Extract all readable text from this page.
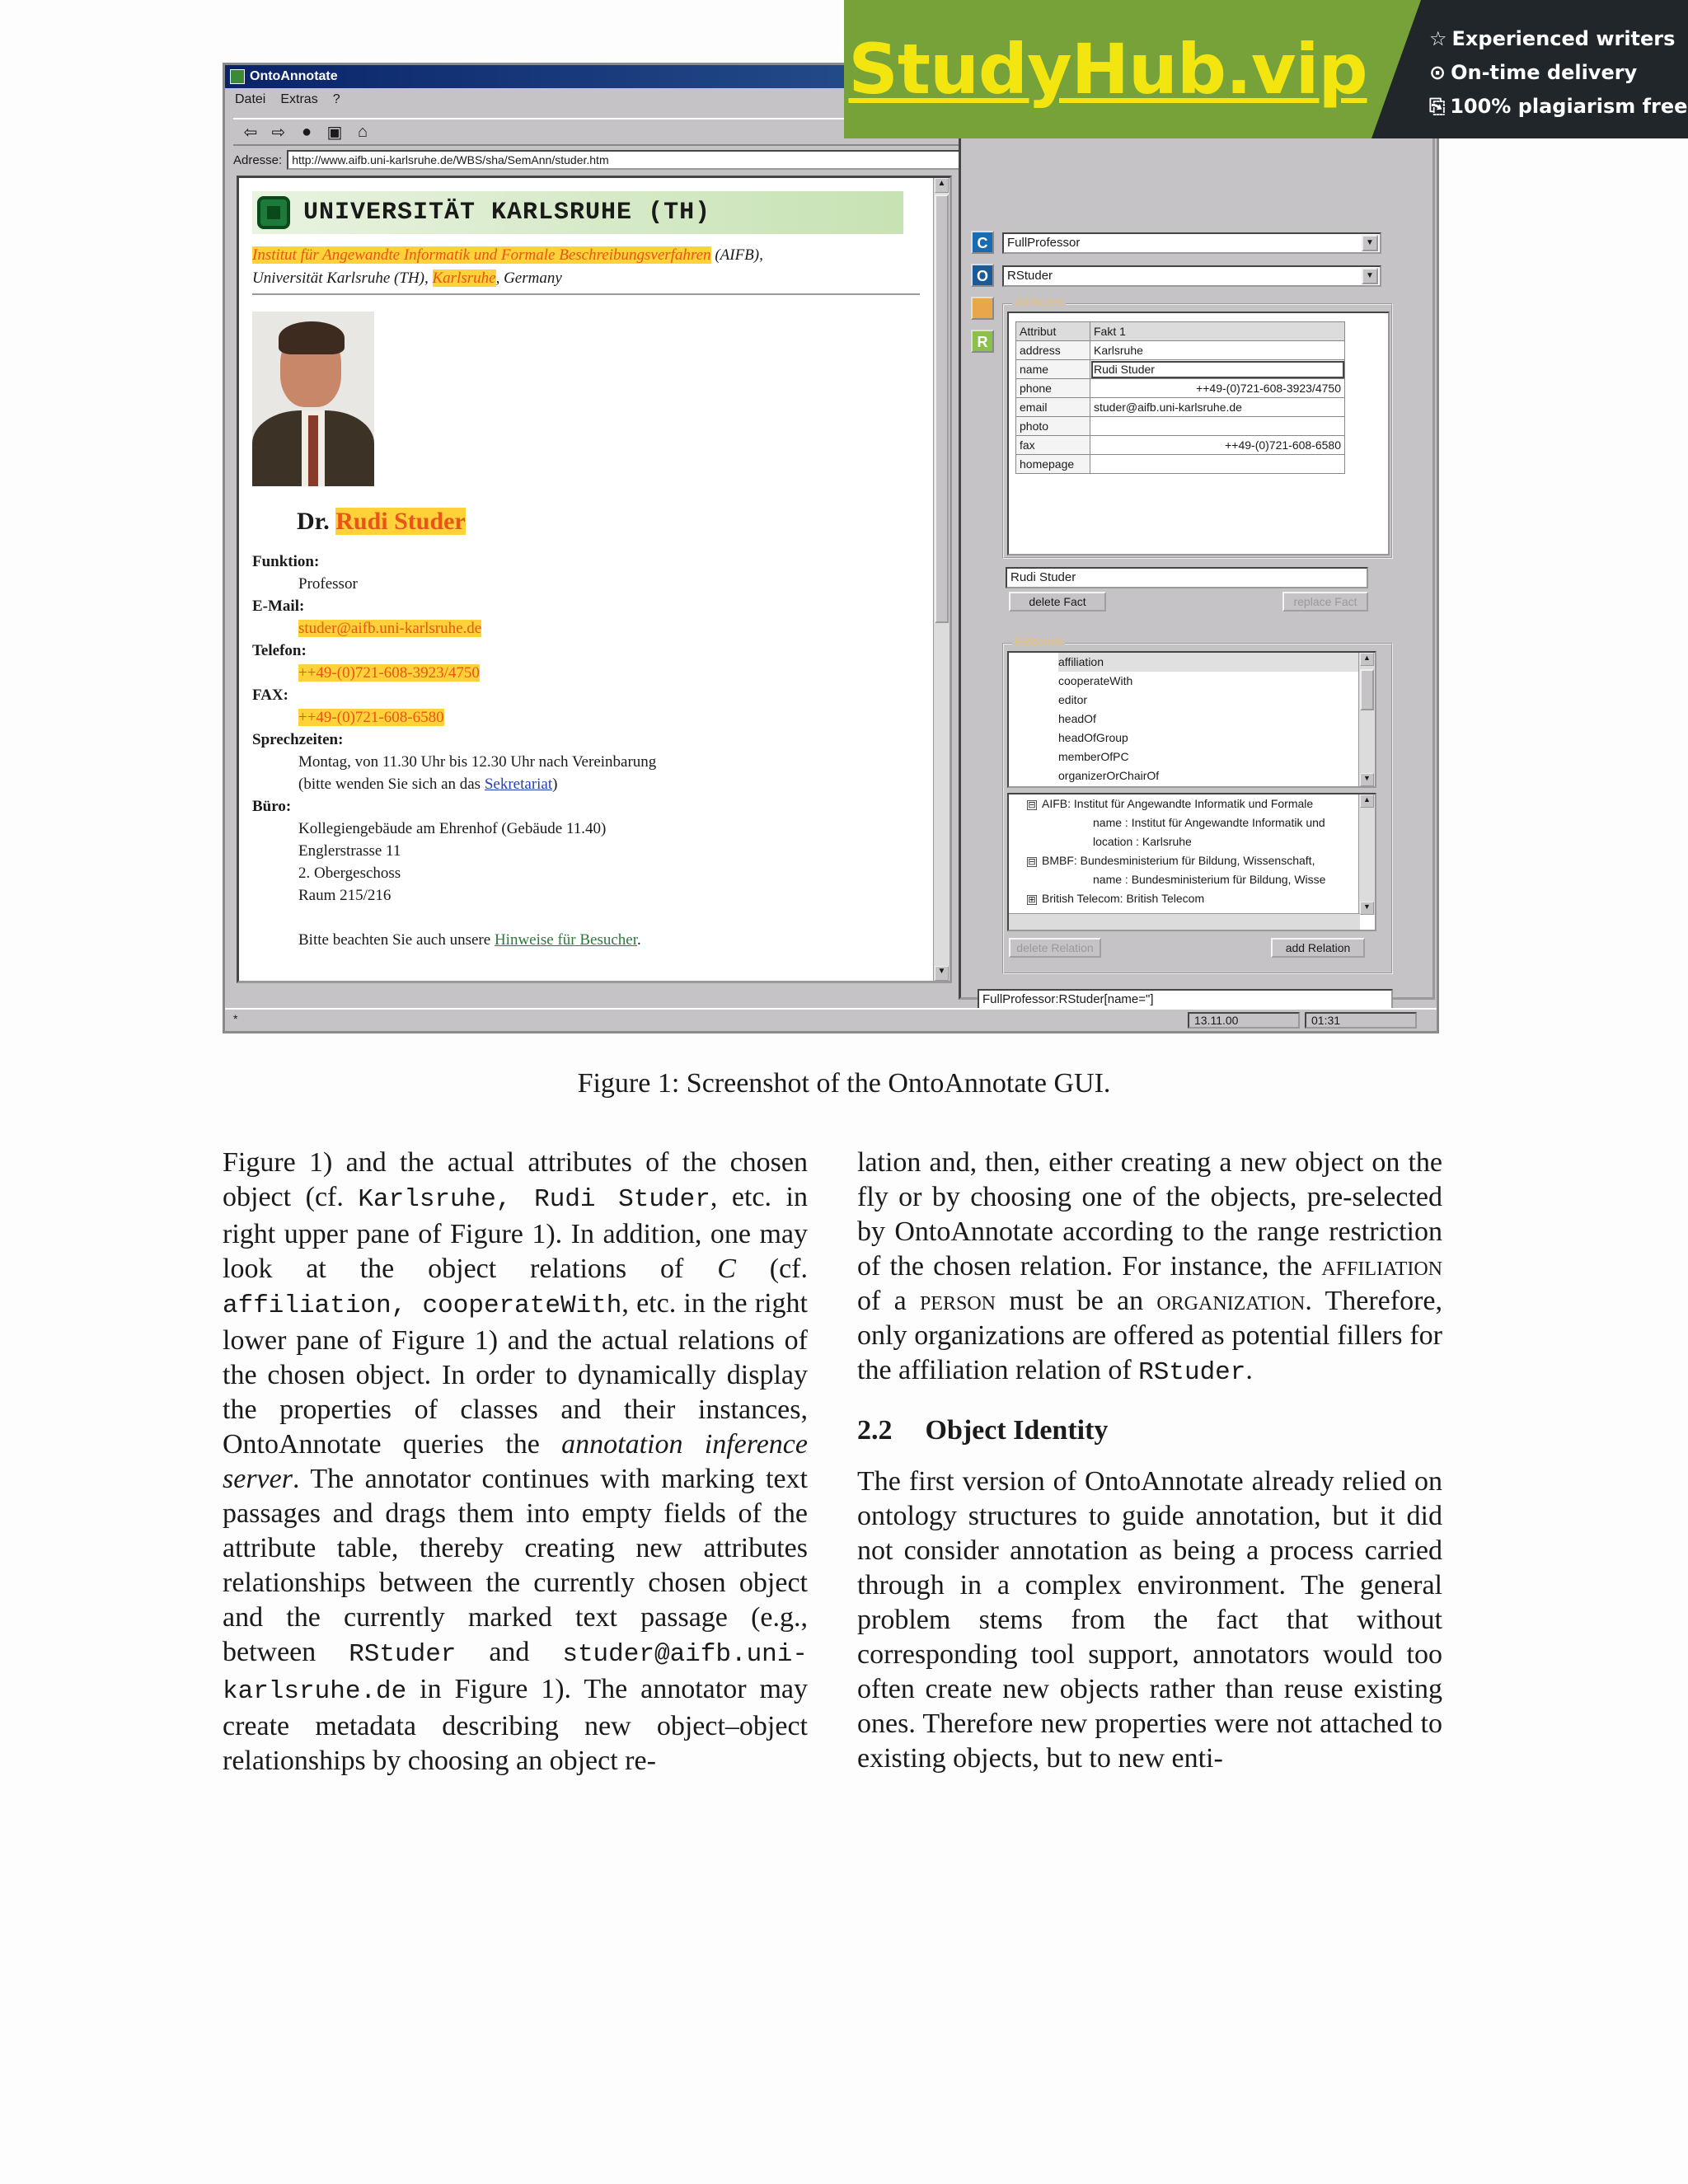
OntoAnnotate
Datei Extras ?
⇦ ⇨ ● ▣ ⌂
Adresse: http://www.aifb.uni-karlsruhe.de/WBS/sha/SemAnn/studer.htm
UNIVERSITÄT KARLSRUHE (TH)
Institut für Angewandte Informatik und Formale Beschreibungsverfahren (AIFB),
Universität Karlsruhe (TH), Karlsruhe, Germany
Dr. Rudi Studer
Funktion:
Professor
E-Mail:
studer@aifb.uni-karlsruhe.de
Telefon:
++49-(0)721-608-3923/4750
FAX:
++49-(0)721-608-6580
Sprechzeiten:
Montag, von 11.30 Uhr bis 12.30 Uhr nach Vereinbarung
(bitte wenden Sie sich an das Sekretariat)
Büro:
Kollegiengebäude am Ehrenhof (Gebäude 11.40)
Englerstrasse 11
2. Obergeschoss
Raum 215/216
Bitte beachten Sie auch unsere Hinweise für Besucher.
▲
▼
C
O
A
R
FullProfessor	▼
RStuder	▼
Attributes
Attribut	Fakt 1
address	Karlsruhe
name	Rudi Studer
phone	++49-(0)721-608-3923/4750
email	studer@aifb.uni-karlsruhe.de
photo	
fax	++49-(0)721-608-6580
homepage	
Rudi Studer
delete Fact	replace Fact
Relations
affiliation
cooperateWith
editor
headOf
headOfGroup
memberOfPC
organizerOrChairOf
▲
▼
⊟ AIFB: Institut für Angewandte Informatik und Formale
name : Institut für Angewandte Informatik und
location : Karlsruhe
⊟ BMBF: Bundesministerium für Bildung, Wissenschaft,
name : Bundesministerium für Bildung, Wisse
⊞ British Telecom: British Telecom
▲
▼
delete Relation	add Relation
FullProfessor:RStuder[name="]
*	13.11.00	01:31
StudyHub.vip	☆ Experienced writers
⊙ On-time delivery
⎘ 100% plagiarism free
Figure 1: Screenshot of the OntoAnnotate GUI.

Figure 1) and the actual attributes of the chosen object (cf. Karlsruhe, Rudi Studer, etc. in right upper pane of Figure 1). In addition, one may look at the object relations of C (cf. affiliation, cooperateWith, etc. in the right lower pane of Figure 1) and the actual relations of the chosen object. In order to dynamically display the properties of classes and their instances, OntoAnnotate queries the annotation inference server. The annotator continues with marking text passages and drags them into empty fields of the attribute table, thereby creating new attributes relationships between the currently chosen object and the currently marked text passage (e.g., between RStuder and studer@aifb.unikarlsruhe.de in Figure 1). The annotator may create metadata describing new object–object relationships by choosing an object re-

lation and, then, either creating a new object on the fly or by choosing one of the objects, pre-selected by OntoAnnotate according to the range restriction of the chosen relation. For instance, the affiliation of a person must be an organization. Therefore, only organizations are offered as potential fillers for the affiliation relation of RStuder.

2.2 Object Identity

The first version of OntoAnnotate already relied on ontology structures to guide annotation, but it did not consider annotation as being a process carried through in a complex environment. The general problem stems from the fact that without corresponding tool support, annotators would too often create new objects rather than reuse existing ones. Therefore new properties were not attached to existing objects, but to new enti-
